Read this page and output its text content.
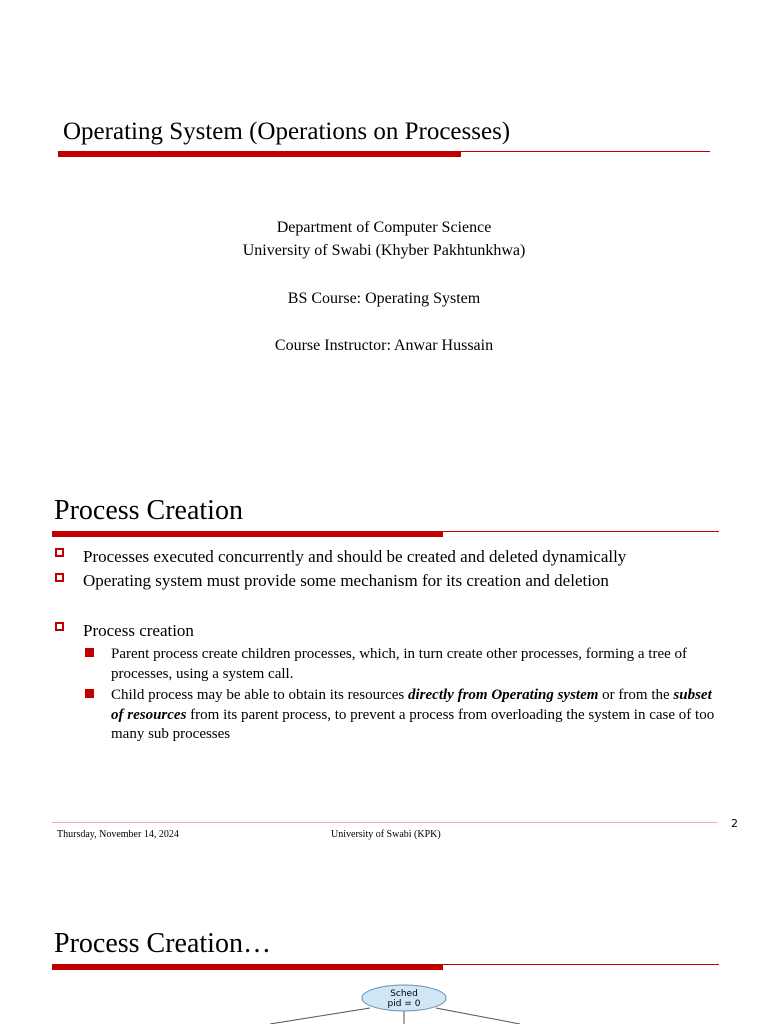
Operating System (Operations on Processes)
Department of Computer Science
University of Swabi (Khyber Pakhtunkhwa)
BS Course: Operating System
Course Instructor: Anwar Hussain
Process Creation
Processes executed concurrently and should be created and deleted dynamically
Operating system must provide some mechanism for its creation and deletion
Process creation
Parent process create children processes, which, in turn create other processes, forming a tree of processes, using a system call.
Child process may be able to obtain its resources directly from Operating system or from the subset of resources from its parent process, to prevent a process from overloading the system in case of too many sub processes
Thursday, November 14, 2024	University of Swabi (KPK)
2
Process Creation…
Sched
pid = 0
